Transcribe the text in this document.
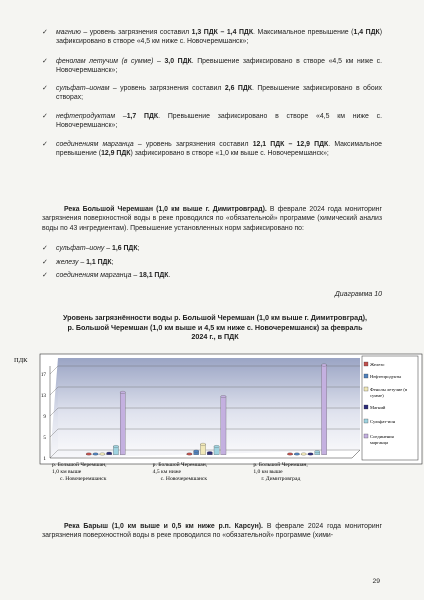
✓ магнию – уровень загрязнения составил 1,3 ПДК – 1,4 ПДК. Максимальное превышение (1,4 ПДК) зафиксировано в створе «4,5 км ниже с. Новочеремшанск»;
✓ фенолам летучим (в сумме) – 3,0 ПДК. Превышение зафиксировано в створе «4,5 км ниже с. Новочеремшанск»;
✓ сульфат–ионам – уровень загрязнения составил 2,6 ПДК. Превышение зафиксировано в обоих створах;
✓ нефтепродуктам –1,7 ПДК. Превышение зафиксировано в створе «4,5 км ниже с. Новочеремшанск»;
✓ соединениям марганца – уровень загрязнения составил 12,1 ПДК – 12,9 ПДК. Максимальное превышение (12,9 ПДК) зафиксировано в створе «1,0 км выше с. Новочеремшанск»;
Река Большой Черемшан (1,0 км выше г. Димитровград). В феврале 2024 года мониторинг загрязнения поверхностной воды в реке проводился по «обязательной» программе (химический анализ воды по 43 ингредиентам). Превышение установленных норм зафиксировано по:
✓ сульфат–иону – 1,6 ПДК;
✓ железу – 1,1 ПДК;
✓ соединениям марганца – 18,1 ПДК.
Диаграмма 10
Уровень загрязнённости воды р. Большой Черемшан (1,0 км выше г. Димитровград), р. Большой Черемшан (1,0 км выше и 4,5 км ниже с. Новочеремшанск) за февраль 2024 г., в ПДК
ПДК
1
5
9
13
17
р. Большой Черемшан,
1,0 км выше
с. Новочеремшанск
р. Большой Черемшан,
4,5 км ниже
с. Новочеремшанск
р. Большой Черемшан,
1,0 км выше
г. Димитровград
Железо
Нефтепродукты
Фенолы летучие (в
сумме)
Магний
Сульфат-ион
Соединения
марганца
Река Барыш (1,0 км выше и 0,5 км ниже р.п. Карсун). В феврале 2024 года мониторинг загрязнения поверхностной воды в реке проводился по «обязательной» программе (хими-
29
